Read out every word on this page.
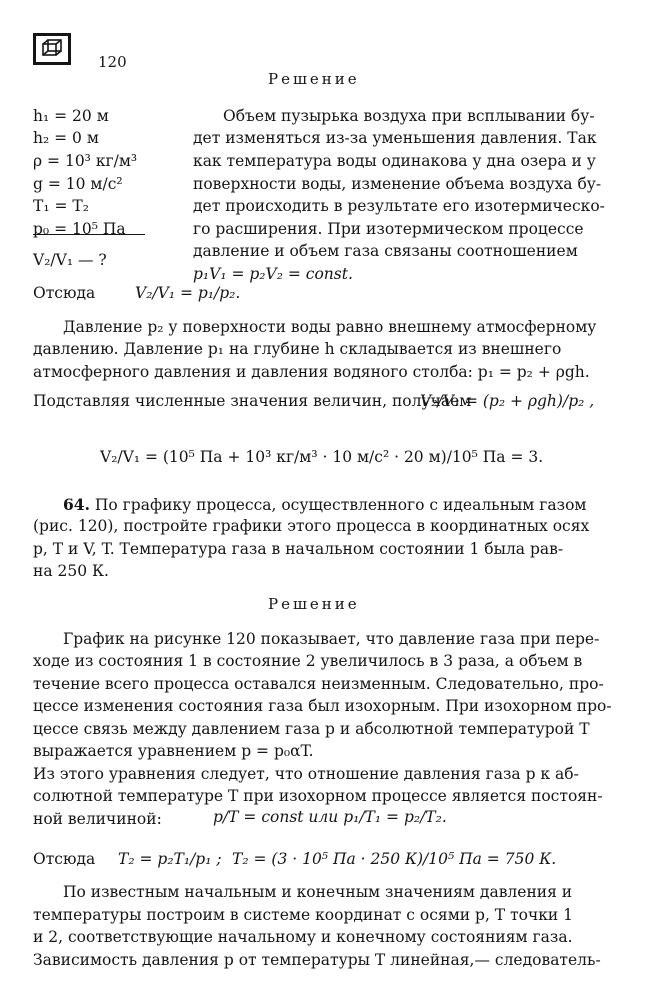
120
Решение
h₁ = 20 м
h₂ = 0 м
ρ = 10³ кг/м³
g = 10 м/с²
T₁ = T₂
p₀ = 10⁵ Па
V₂/V₁ — ?
Объем пузырька воздуха при всплывании бу-
дет изменяться из-за уменьшения давления. Так
как температура воды одинакова у дна озера и у
поверхности воды, изменение объема воздуха бу-
дет происходить в результате его изотермическо-
го расширения. При изотермическом процессе
давление и объем газа связаны соотношением
p₁V₁ = p₂V₂ = const.
Отсюда	V₂/V₁ = p₁/p₂.
Давление p₂ у поверхности воды равно внешнему атмосферному
давлению. Давление p₁ на глубине h складывается из внешнего
атмосферного давления и давления водяного столба: p₁ = p₂ + ρgh.
Подставляя численные значения величин, получаем
V₂/V₁ = (p₂ + ρgh)/p₂ ,
V₂/V₁ = (10⁵ Па + 10³ кг/м³ · 10 м/с² · 20 м)/10⁵ Па = 3.
64. По графику процесса, осуществленного с идеальным газом
(рис. 120), постройте графики этого процесса в координатных осях
p, T и V, T. Температура газа в начальном состоянии 1 была рав-
на 250 К.
Решение
График на рисунке 120 показывает, что давление газа при пере-
ходе из состояния 1 в состояние 2 увеличилось в 3 раза, а объем в
течение всего процесса оставался неизменным. Следовательно, про-
цессе изменения состояния газа был изохорным. При изохорном про-
цессе связь между давлением газа p и абсолютной температурой T
выражается уравнением p = p₀αT.
Из этого уравнения следует, что отношение давления газа p к аб-
солютной температуре T при изохорном процессе является постоян-
ной величиной:	p/T = const или p₁/T₁ = p₂/T₂.
Отсюда T₂ = p₂T₁/p₁ ; T₂ = (3 · 10⁵ Па · 250 К)/10⁵ Па = 750 К.
По известным начальным и конечным значениям давления и
температуры построим в системе координат с осями p, T точки 1
и 2, соответствующие начальному и конечному состояниям газа.
Зависимость давления p от температуры T линейная,— следователь-
